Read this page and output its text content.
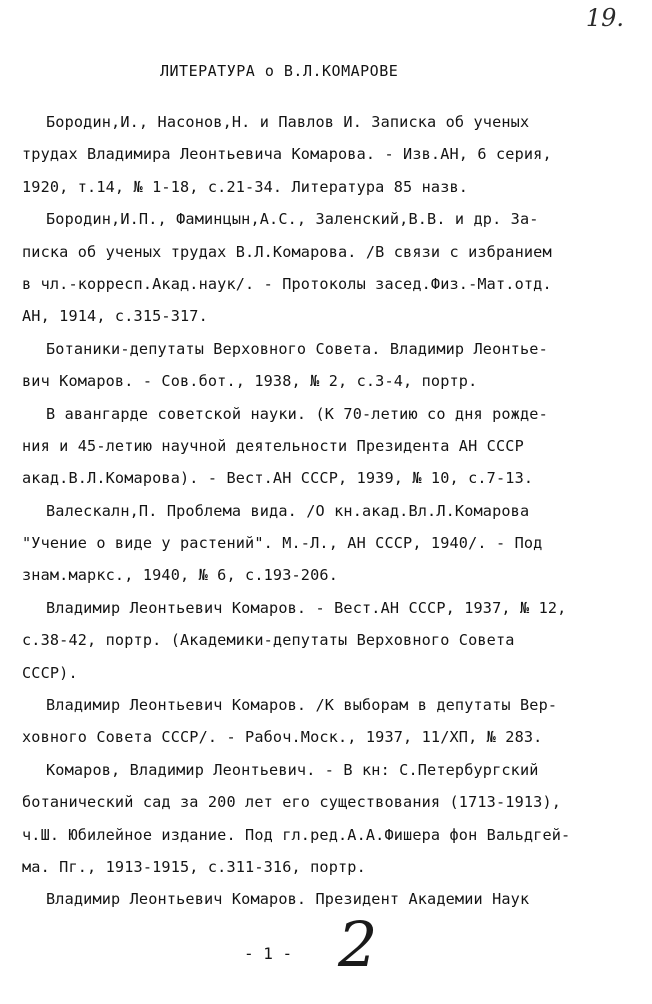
19.
ЛИТЕРАТУРА о В.Л.КОМАРОВЕ
Бородин,И., Насонов,Н. и Павлов И. Записка об ученых
трудах Владимира Леонтьевича Комарова. - Изв.АН, 6 серия,
1920, т.14, № 1-18, с.21-34. Литература 85 назв.
Бородин,И.П., Фаминцын,А.С., Заленский,В.В. и др. За-
писка об ученых трудах В.Л.Комарова. /В связи с избранием
в чл.-корресп.Акад.наук/. - Протоколы засед.Физ.-Мат.отд.
АН, 1914, с.315-317.
Ботаники-депутаты Верховного Совета. Владимир Леонтье-
вич Комаров. - Сов.бот., 1938, № 2, с.3-4, портр.
В авангарде советской науки. (К 70-летию со дня рожде-
ния и 45-летию научной деятельности Президента АН СССР
акад.В.Л.Комарова). - Вест.АН СССР, 1939, № 10, с.7-13.
Валескалн,П. Проблема вида. /О кн.акад.Вл.Л.Комарова
"Учение о виде у растений". М.-Л., АН СССР, 1940/. - Под
знам.маркс., 1940, № 6, с.193-206.
Владимир Леонтьевич Комаров. - Вест.АН СССР, 1937, № 12,
с.38-42, портр. (Академики-депутаты Верховного Совета
СССР).
Владимир Леонтьевич Комаров. /К выборам в депутаты Вер-
ховного Совета СССР/. - Рабоч.Моск., 1937, 11/ХП, № 283.
Комаров, Владимир Леонтьевич. - В кн: С.Петербургский
ботанический сад за 200 лет его существования (1713-1913),
ч.Ш. Юбилейное издание. Под гл.ред.А.А.Фишера фон Вальдгей-
ма. Пг., 1913-1915, с.311-316, портр.
Владимир Леонтьевич Комаров. Президент Академии Наук
- 1 - 2
